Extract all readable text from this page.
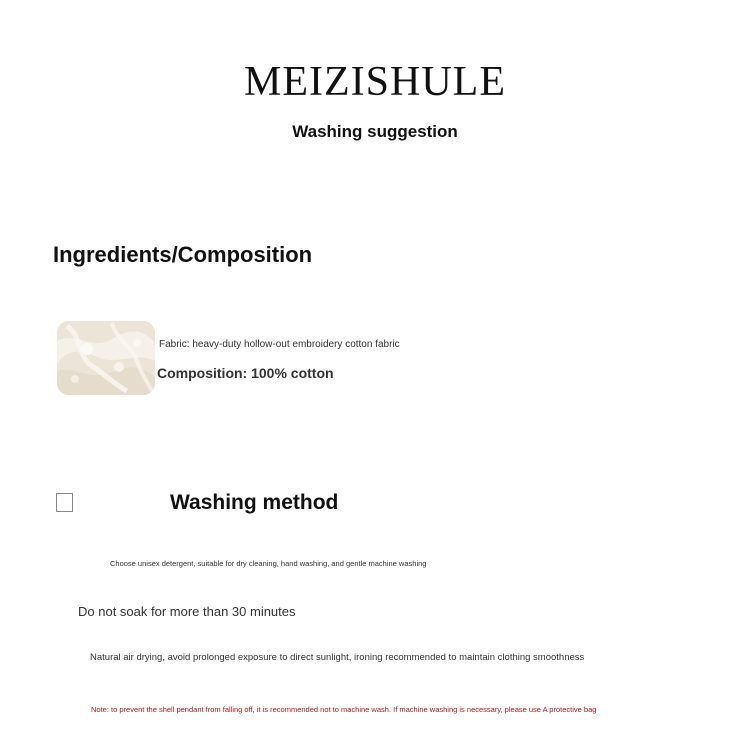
MEIZISHULE
Washing suggestion
Ingredients/Composition
Fabric: heavy-duty hollow-out embroidery cotton fabric
Composition: 100% cotton
Washing method
Choose unisex detergent, suitable for dry cleaning, hand washing, and gentle machine washing
Do not soak for more than 30 minutes
Natural air drying, avoid prolonged exposure to direct sunlight, ironing recommended to maintain clothing smoothness
Note: to prevent the shell pendant from falling off, it is recommended not to machine wash. If machine washing is necessary, please use A protective bag
